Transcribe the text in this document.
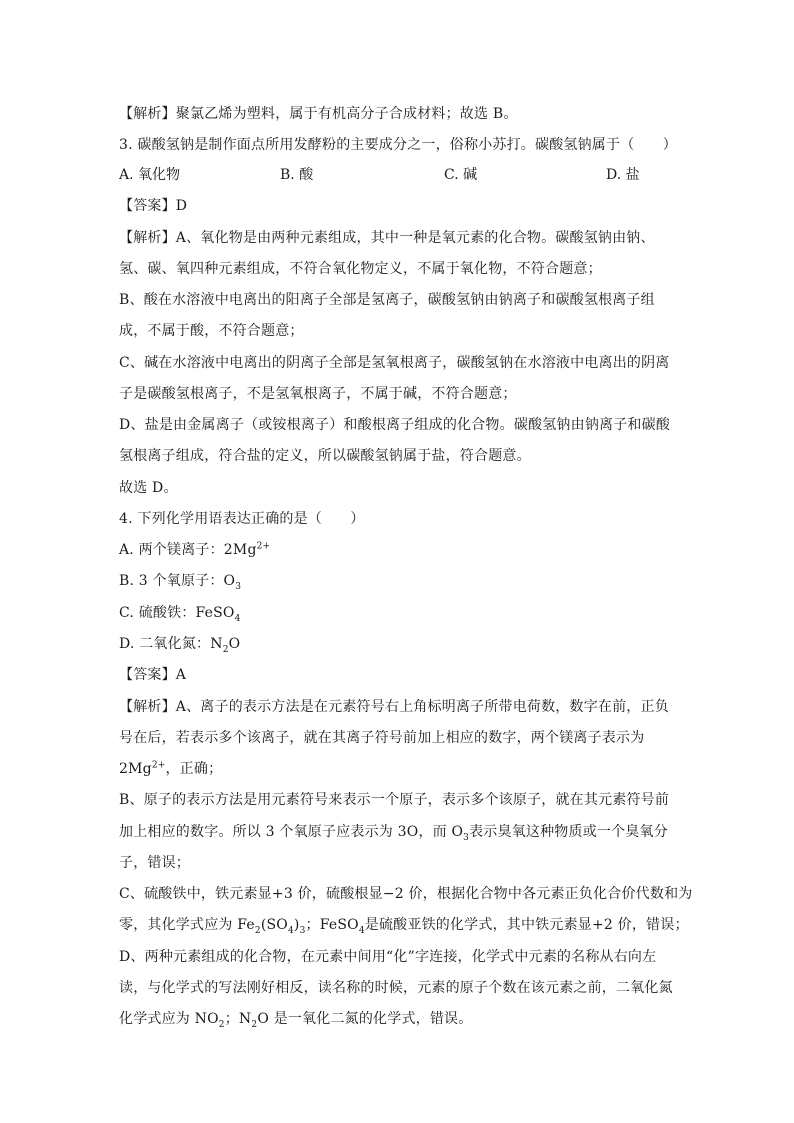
【解析】聚氯乙烯为塑料，属于有机高分子合成材料；故选 B。
3. 碳酸氢钠是制作面点所用发酵粉的主要成分之一，俗称小苏打。碳酸氢钠属于（　　）
A. 氧化物	B. 酸	C. 碱	D. 盐
【答案】D
【解析】A、氧化物是由两种元素组成，其中一种是氧元素的化合物。碳酸氢钠由钠、
氢、碳、氧四种元素组成，不符合氧化物定义，不属于氧化物，不符合题意；
B、酸在水溶液中电离出的阳离子全部是氢离子，碳酸氢钠由钠离子和碳酸氢根离子组
成，不属于酸，不符合题意；
C、碱在水溶液中电离出的阴离子全部是氢氧根离子，碳酸氢钠在水溶液中电离出的阴离
子是碳酸氢根离子，不是氢氧根离子，不属于碱，不符合题意；
D、盐是由金属离子（或铵根离子）和酸根离子组成的化合物。碳酸氢钠由钠离子和碳酸
氢根离子组成，符合盐的定义，所以碳酸氢钠属于盐，符合题意。
故选 D。
4. 下列化学用语表达正确的是（　　）
A. 两个镁离子：$2Mg^{2+}$
B. 3 个氧原子：$O_3$
C. 硫酸铁：FeSO$_4$
D. 二氧化氮：$N_2O$
【答案】A
【解析】A、离子的表示方法是在元素符号右上角标明离子所带电荷数，数字在前，正负
号在后，若表示多个该离子，就在其离子符号前加上相应的数字，两个镁离子表示为
$2Mg^{2+}$，正确；
B、原子的表示方法是用元素符号来表示一个原子，表示多个该原子，就在其元素符号前
加上相应的数字。所以 3 个氧原子应表示为 3O，而 $O_3$表示臭氧这种物质或一个臭氧分
子，错误；
C、硫酸铁中，铁元素显+3 价，硫酸根显−2 价，根据化合物中各元素正负化合价代数和为
零，其化学式应为 $Fe_2(SO_4)_3$；FeSO$_4$是硫酸亚铁的化学式，其中铁元素显+2 价，错误；
D、两种元素组成的化合物，在元素中间用“化”字连接，化学式中元素的名称从右向左
读，与化学式的写法刚好相反，读名称的时候，元素的原子个数在该元素之前，二氧化氮
化学式应为 $NO_2$；$N_2O$ 是一氧化二氮的化学式，错误。
